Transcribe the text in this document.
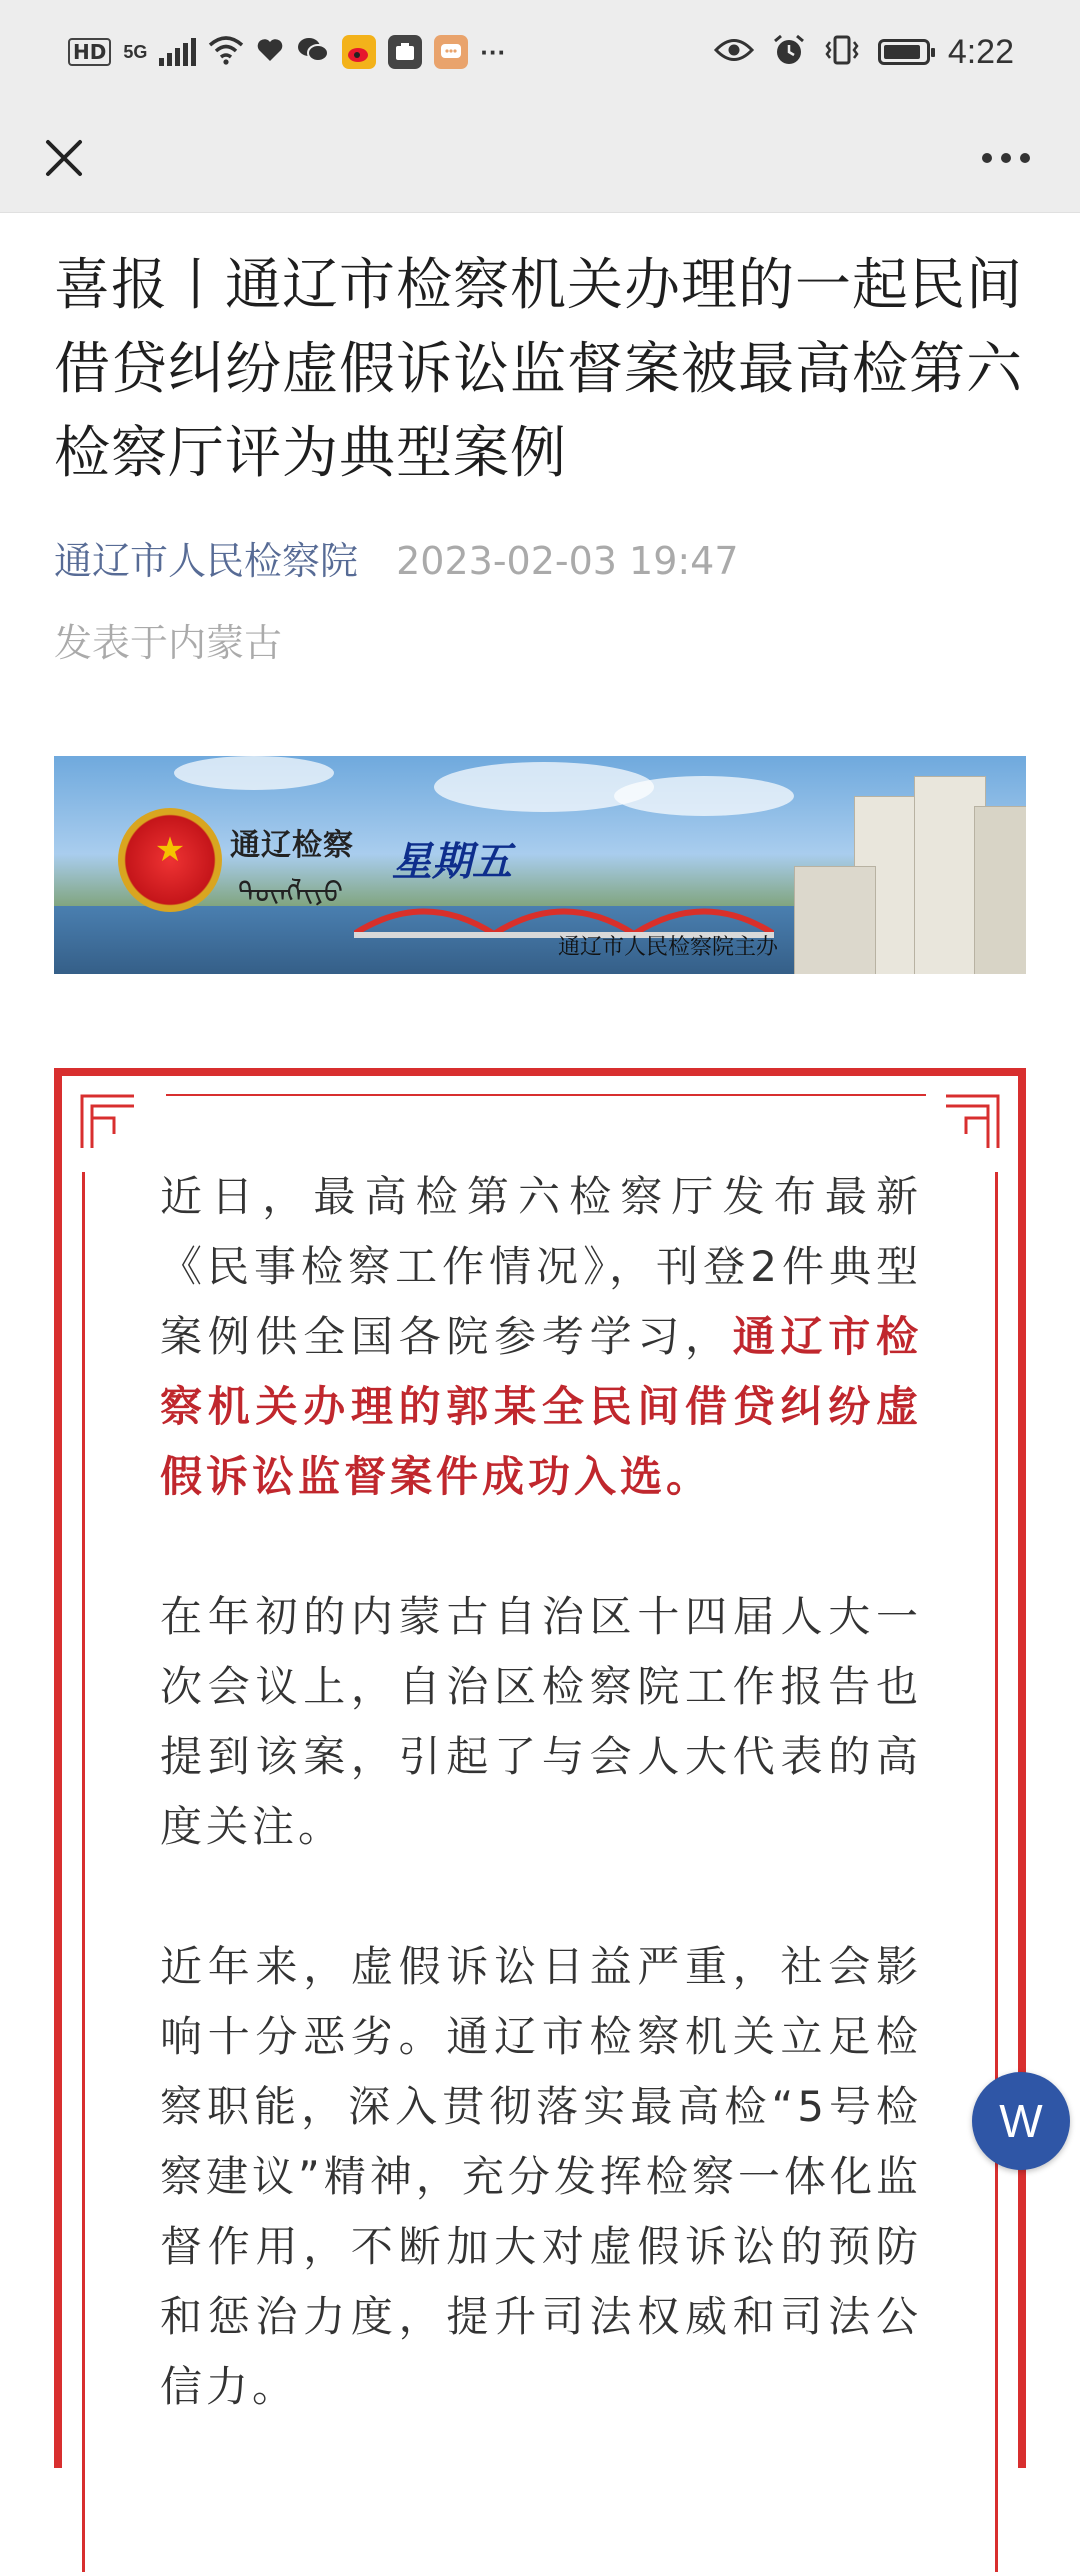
HD 5G	···	4:22
喜报丨通辽市检察机关办理的一起民间借贷纠纷虚假诉讼监督案被最高检第六检察厅评为典型案例
通辽市人民检察院 2023-02-03 19:47
发表于内蒙古
★	通辽检察
ᠲᠦᠩᠯᠢᠶᠣ
星期五
通辽市人民检察院主办
近日，最高检第六检察厅发布最新《民事检察工作情况》，刊登2件典型案例供全国各院参考学习，通辽市检察机关办理的郭某全民间借贷纠纷虚假诉讼监督案件成功入选。
在年初的内蒙古自治区十四届人大一次会议上，自治区检察院工作报告也提到该案，引起了与会人大代表的高度关注。
近年来，虚假诉讼日益严重，社会影响十分恶劣。通辽市检察机关立足检察职能，深入贯彻落实最高检“5号检察建议”精神，充分发挥检察一体化监督作用，不断加大对虚假诉讼的预防和惩治力度，提升司法权威和司法公信力。
W
